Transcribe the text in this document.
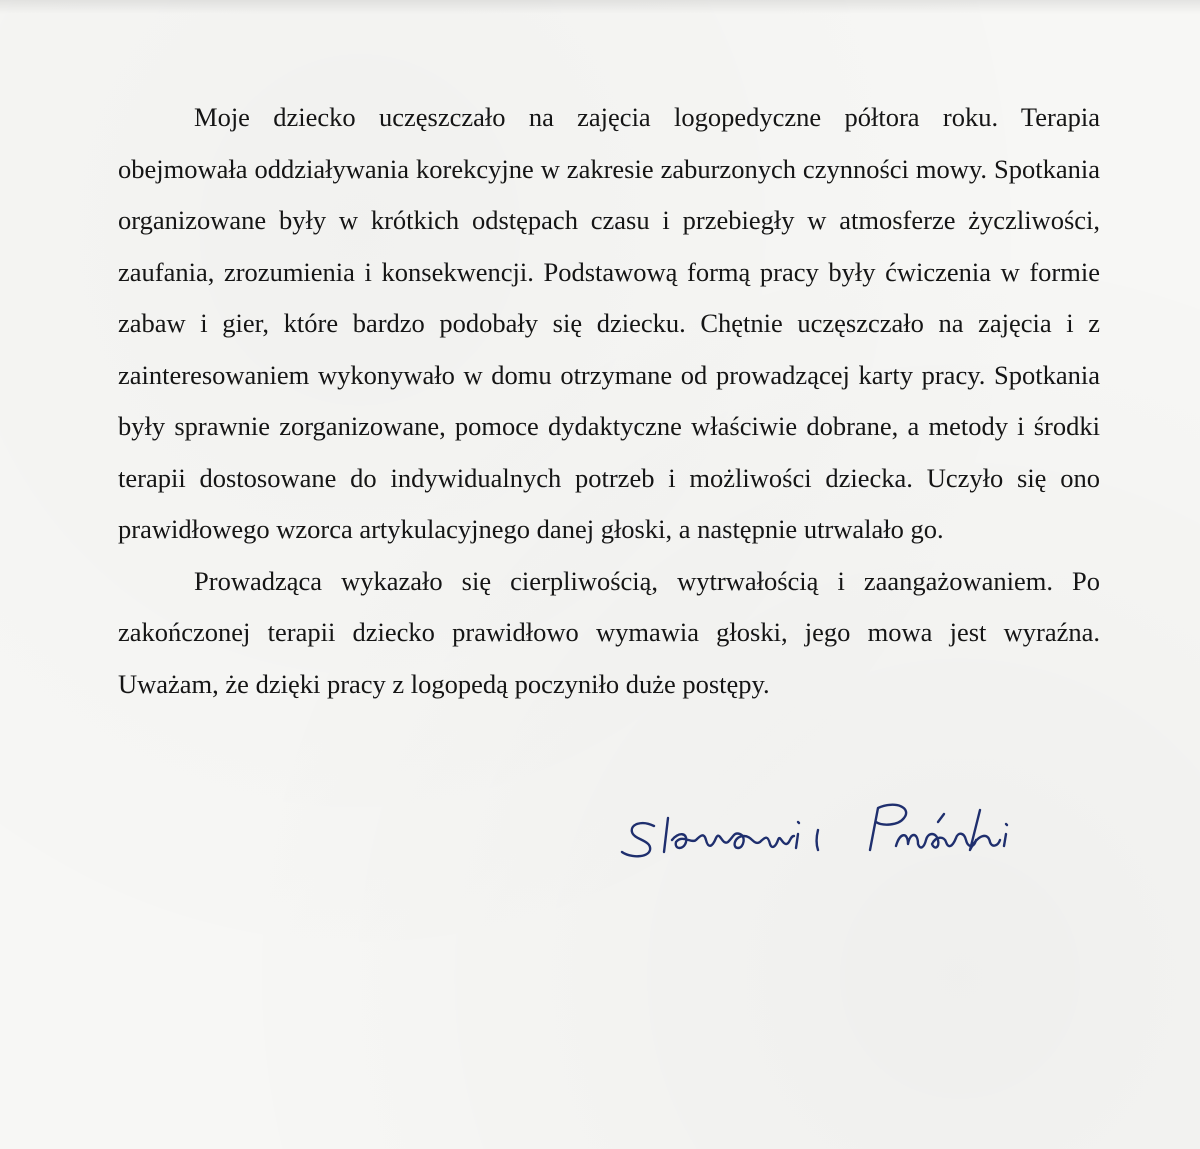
Moje dziecko uczęszczało na zajęcia logopedyczne półtora roku. Terapia obejmowała oddziaływania korekcyjne w zakresie zaburzonych czynności mowy. Spotkania organizowane były w krótkich odstępach czasu i przebiegły w atmosferze życzliwości, zaufania, zrozumienia i konsekwencji. Podstawową formą pracy były ćwiczenia w formie zabaw i gier, które bardzo podobały się dziecku. Chętnie uczęszczało na zajęcia i z zainteresowaniem wykonywało w domu otrzymane od prowadzącej karty pracy. Spotkania były sprawnie zorganizowane, pomoce dydaktyczne właściwie dobrane, a metody i środki terapii dostosowane do indywidualnych potrzeb i możliwości dziecka. Uczyło się ono prawidłowego wzorca artykulacyjnego danej głoski, a następnie utrwalało go.

Prowadząca wykazało się cierpliwością, wytrwałością i zaangażowaniem. Po zakończonej terapii dziecko prawidłowo wymawia głoski, jego mowa jest wyraźna. Uważam, że dzięki pracy z logopedą poczyniło duże postępy.
